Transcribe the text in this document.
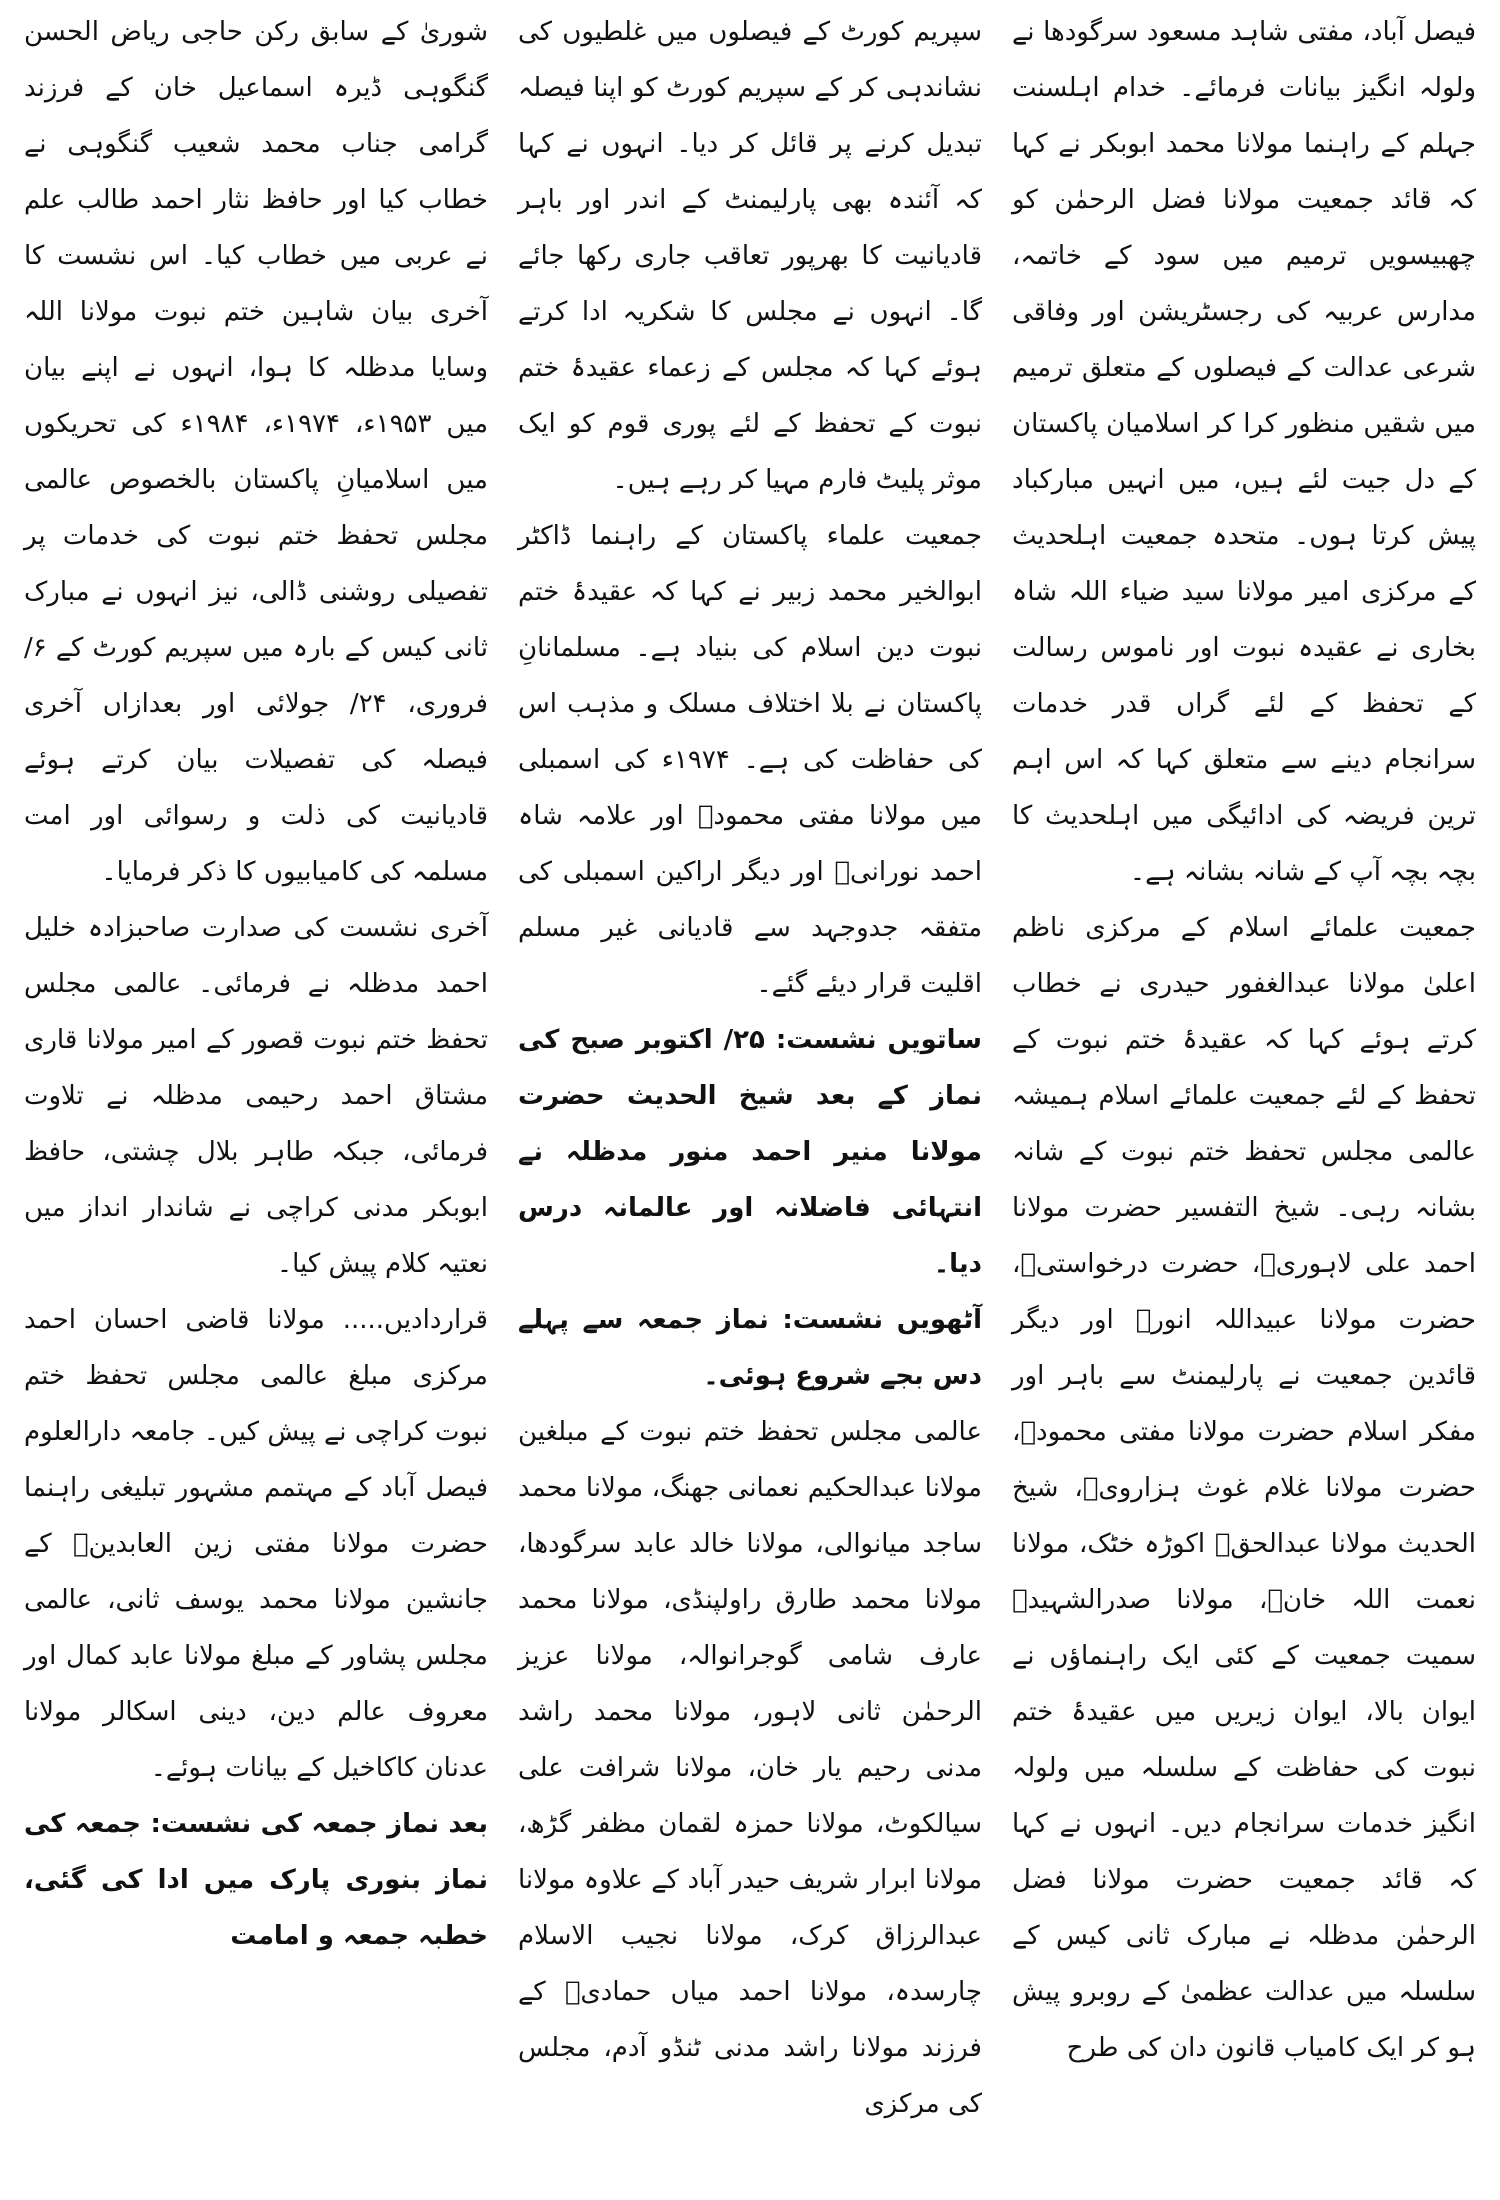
فیصل آباد، مفتی شاہد مسعود سرگودھا نے ولولہ انگیز بیانات فرمائے۔ خدام اہلسنت جہلم کے راہنما مولانا محمد ابوبکر نے کہا کہ قائد جمعیت مولانا فضل الرحمٰن کو چھبیسویں ترمیم میں سود کے خاتمہ، مدارس عربیہ کی رجسٹریشن اور وفاقی شرعی عدالت کے فیصلوں کے متعلق ترمیم میں شقیں منظور کرا کر اسلامیان پاکستان کے دل جیت لئے ہیں، میں انہیں مبارکباد پیش کرتا ہوں۔ متحدہ جمعیت اہلحدیث کے مرکزی امیر مولانا سید ضیاء اللہ شاہ بخاری نے عقیدہ نبوت اور ناموس رسالت کے تحفظ کے لئے گراں قدر خدمات سرانجام دینے سے متعلق کہا کہ اس اہم ترین فریضہ کی ادائیگی میں اہلحدیث کا بچہ بچہ آپ کے شانہ بشانہ ہے۔

جمعیت علمائے اسلام کے مرکزی ناظم اعلیٰ مولانا عبدالغفور حیدری نے خطاب کرتے ہوئے کہا کہ عقیدۂ ختم نبوت کے تحفظ کے لئے جمعیت علمائے اسلام ہمیشہ عالمی مجلس تحفظ ختم نبوت کے شانہ بشانہ رہی۔ شیخ التفسیر حضرت مولانا احمد علی لاہوریؒ، حضرت درخواستیؒ، حضرت مولانا عبیداللہ انورؒ اور دیگر قائدین جمعیت نے پارلیمنٹ سے باہر اور مفکر اسلام حضرت مولانا مفتی محمودؒ، حضرت مولانا غلام غوث ہزارویؒ، شیخ الحدیث مولانا عبدالحقؒ اکوڑہ خٹک، مولانا نعمت اللہ خانؒ، مولانا صدرالشہیدؒ سمیت جمعیت کے کئی ایک راہنماؤں نے ایوان بالا، ایوان زیریں میں عقیدۂ ختم نبوت کی حفاظت کے سلسلہ میں ولولہ انگیز خدمات سرانجام دیں۔ انہوں نے کہا کہ قائد جمعیت حضرت مولانا فضل الرحمٰن مدظلہ نے مبارک ثانی کیس کے سلسلہ میں عدالت عظمیٰ کے روبرو پیش ہو کر ایک کامیاب قانون دان کی طرح

سپریم کورٹ کے فیصلوں میں غلطیوں کی نشاندہی کر کے سپریم کورٹ کو اپنا فیصلہ تبدیل کرنے پر قائل کر دیا۔ انہوں نے کہا کہ آئندہ بھی پارلیمنٹ کے اندر اور باہر قادیانیت کا بھرپور تعاقب جاری رکھا جائے گا۔ انہوں نے مجلس کا شکریہ ادا کرتے ہوئے کہا کہ مجلس کے زعماء عقیدۂ ختم نبوت کے تحفظ کے لئے پوری قوم کو ایک موثر پلیٹ فارم مہیا کر رہے ہیں۔

جمعیت علماء پاکستان کے راہنما ڈاکٹر ابوالخیر محمد زبیر نے کہا کہ عقیدۂ ختم نبوت دین اسلام کی بنیاد ہے۔ مسلمانانِ پاکستان نے بلا اختلاف مسلک و مذہب اس کی حفاظت کی ہے۔ ۱۹۷۴ء کی اسمبلی میں مولانا مفتی محمودؒ اور علامہ شاہ احمد نورانیؒ اور دیگر اراکین اسمبلی کی متفقہ جدوجہد سے قادیانی غیر مسلم اقلیت قرار دیئے گئے۔

ساتویں نشست: ۲۵/ اکتوبر صبح کی نماز کے بعد شیخ الحدیث حضرت مولانا منیر احمد منور مدظلہ نے انتہائی فاضلانہ اور عالمانہ درس دیا۔

آٹھویں نشست: نماز جمعہ سے پہلے دس بجے شروع ہوئی۔

عالمی مجلس تحفظ ختم نبوت کے مبلغین مولانا عبدالحکیم نعمانی جھنگ، مولانا محمد ساجد میانوالی، مولانا خالد عابد سرگودھا، مولانا محمد طارق راولپنڈی، مولانا محمد عارف شامی گوجرانوالہ، مولانا عزیز الرحمٰن ثانی لاہور، مولانا محمد راشد مدنی رحیم یار خان، مولانا شرافت علی سیالکوٹ، مولانا حمزہ لقمان مظفر گڑھ، مولانا ابرار شریف حیدر آباد کے علاوہ مولانا عبدالرزاق کرک، مولانا نجیب الاسلام چارسدہ، مولانا احمد میاں حمادیؒ کے فرزند مولانا راشد مدنی ٹنڈو آدم، مجلس کی مرکزی

شوریٰ کے سابق رکن حاجی ریاض الحسن گنگوہی ڈیرہ اسماعیل خان کے فرزند گرامی جناب محمد شعیب گنگوہی نے خطاب کیا اور حافظ نثار احمد طالب علم نے عربی میں خطاب کیا۔ اس نشست کا آخری بیان شاہین ختم نبوت مولانا اللہ وسایا مدظلہ کا ہوا، انہوں نے اپنے بیان میں ۱۹۵۳ء، ۱۹۷۴ء، ۱۹۸۴ء کی تحریکوں میں اسلامیانِ پاکستان بالخصوص عالمی مجلس تحفظ ختم نبوت کی خدمات پر تفصیلی روشنی ڈالی، نیز انہوں نے مبارک ثانی کیس کے بارہ میں سپریم کورٹ کے ۶/ فروری، ۲۴/ جولائی اور بعدازاں آخری فیصلہ کی تفصیلات بیان کرتے ہوئے قادیانیت کی ذلت و رسوائی اور امت مسلمہ کی کامیابیوں کا ذکر فرمایا۔

آخری نشست کی صدارت صاحبزادہ خلیل احمد مدظلہ نے فرمائی۔ عالمی مجلس تحفظ ختم نبوت قصور کے امیر مولانا قاری مشتاق احمد رحیمی مدظلہ نے تلاوت فرمائی، جبکہ طاہر بلال چشتی، حافظ ابوبکر مدنی کراچی نے شاندار انداز میں نعتیہ کلام پیش کیا۔

قراردادیں..... مولانا قاضی احسان احمد مرکزی مبلغ عالمی مجلس تحفظ ختم نبوت کراچی نے پیش کیں۔ جامعہ دارالعلوم فیصل آباد کے مہتمم مشہور تبلیغی راہنما حضرت مولانا مفتی زین العابدینؒ کے جانشین مولانا محمد یوسف ثانی، عالمی مجلس پشاور کے مبلغ مولانا عابد کمال اور معروف عالم دین، دینی اسکالر مولانا عدنان کاکاخیل کے بیانات ہوئے۔

بعد نماز جمعہ کی نشست: جمعہ کی نماز بنوری پارک میں ادا کی گئی، خطبہ جمعہ و امامت
